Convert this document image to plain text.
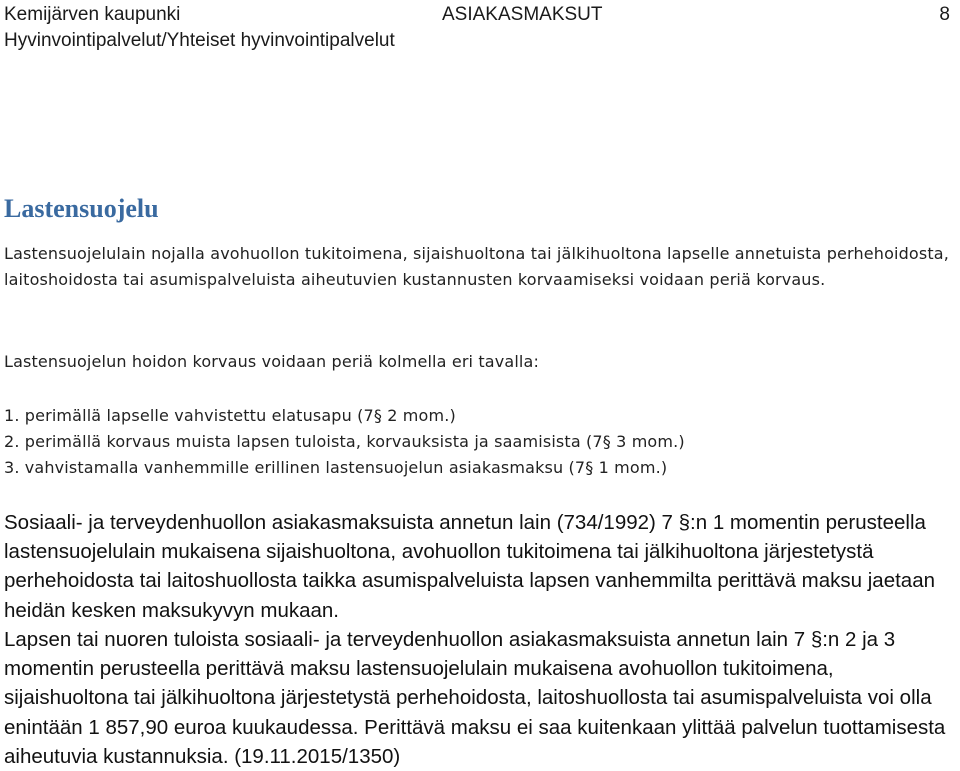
Kemijärven kaupunki
Hyvinvointipalvelut/Yhteiset hyvinvointipalvelut
ASIAKASMAKSUT	8
Lastensuojelu

Lastensuojelulain nojalla avohuollon tukitoimena, sijaishuoltona tai jälkihuoltona lapselle annetuista perhehoidosta, laitoshoidosta tai asumispalveluista aiheutuvien kustannusten korvaamiseksi voidaan periä korvaus.

Lastensuojelun hoidon korvaus voidaan periä kolmella eri tavalla:

1. perimällä lapselle vahvistettu elatusapu (7§ 2 mom.)
2. perimällä korvaus muista lapsen tuloista, korvauksista ja saamisista (7§ 3 mom.)
3. vahvistamalla vanhemmille erillinen lastensuojelun asiakasmaksu (7§ 1 mom.)

Sosiaali- ja terveydenhuollon asiakasmaksuista annetun lain (734/1992) 7 §:n 1 momentin perusteella lastensuojelulain mukaisena sijaishuoltona, avohuollon tukitoimena tai jälkihuoltona järjestetystä perhehoidosta tai laitoshuollosta taikka asumispalveluista lapsen vanhemmilta perittävä maksu jaetaan heidän kesken maksukyvyn mukaan.

Lapsen tai nuoren tuloista sosiaali- ja terveydenhuollon asiakasmaksuista annetun lain 7 §:n 2 ja 3 momentin perusteella perittävä maksu lastensuojelulain mukaisena avohuollon tukitoimena, sijaishuoltona tai jälkihuoltona järjestetystä perhehoidosta, laitoshuollosta tai asumispalveluista voi olla enintään 1 857,90 euroa kuukaudessa. Perittävä maksu ei saa kuitenkaan ylittää palvelun tuottamisesta aiheutuvia kustannuksia. (19.11.2015/1350)
